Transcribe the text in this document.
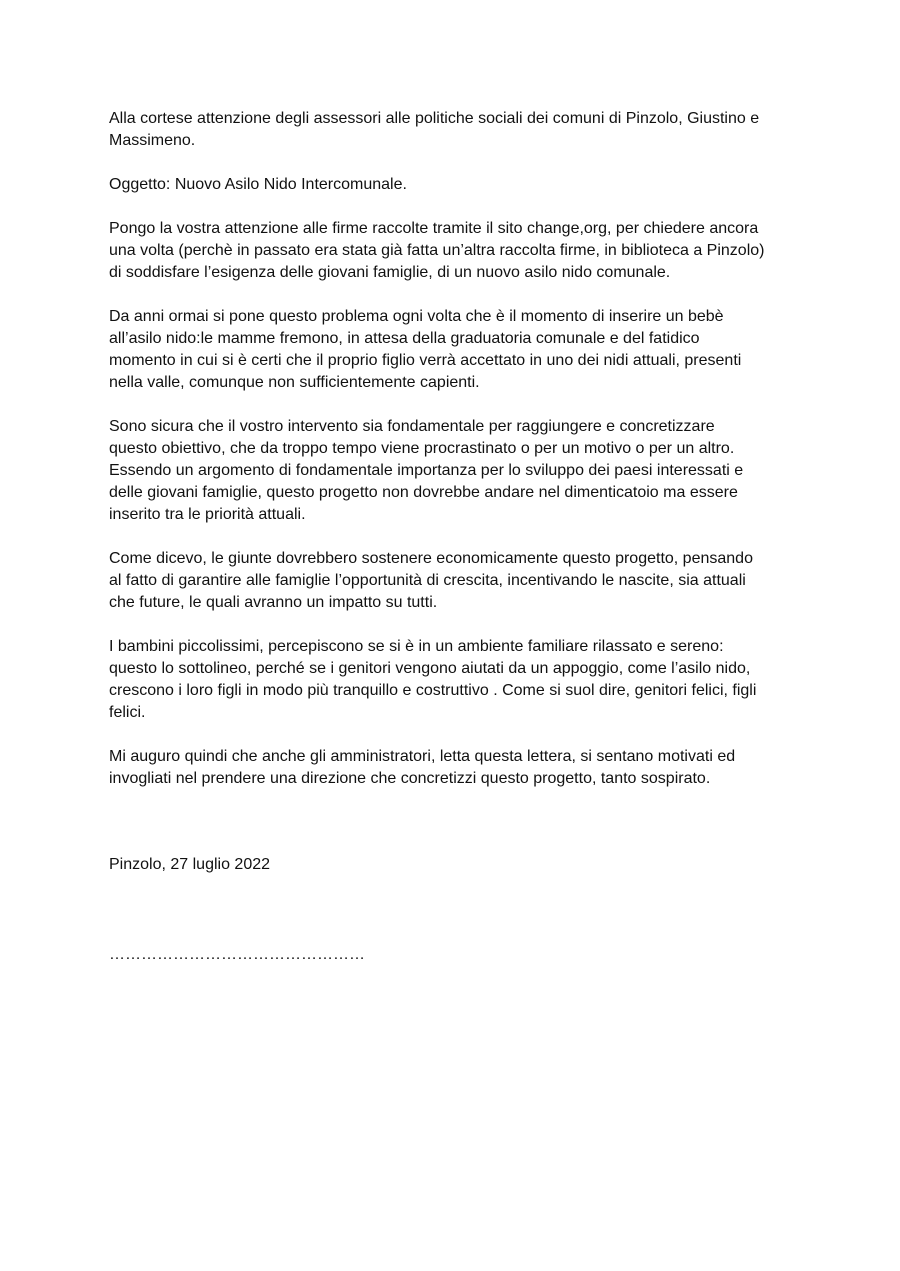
Alla cortese attenzione degli assessori alle politiche sociali dei comuni di Pinzolo, Giustino e
Massimeno.

Oggetto: Nuovo Asilo Nido Intercomunale.

Pongo la vostra attenzione alle firme raccolte tramite il sito change,org, per chiedere ancora
una volta (perchè in passato era stata già fatta un’altra raccolta firme, in biblioteca a Pinzolo)
di soddisfare l’esigenza delle giovani famiglie, di un nuovo asilo nido comunale.

Da anni ormai si pone questo problema ogni volta che è il momento di inserire un bebè
all’asilo nido:le mamme fremono, in attesa della graduatoria comunale e del fatidico
momento in cui si è certi che il proprio figlio verrà accettato in uno dei nidi attuali, presenti
nella valle, comunque non sufficientemente capienti.

Sono sicura che il vostro intervento sia fondamentale per raggiungere e concretizzare
questo obiettivo, che da troppo tempo viene procrastinato o per un motivo o per un altro.
Essendo un argomento di fondamentale importanza per lo sviluppo dei paesi interessati e
delle giovani famiglie, questo progetto non dovrebbe andare nel dimenticatoio ma essere
inserito tra le priorità attuali.

Come dicevo, le giunte dovrebbero sostenere economicamente questo progetto, pensando
al fatto di garantire alle famiglie l’opportunità di crescita, incentivando le nascite, sia attuali
che future, le quali avranno un impatto su tutti.

I bambini piccolissimi, percepiscono se si è in un ambiente familiare rilassato e sereno:
questo lo sottolineo, perché se i genitori vengono aiutati da un appoggio, come l’asilo nido,
crescono i loro figli in modo più tranquillo e costruttivo . Come si suol dire, genitori felici, figli
felici.

Mi auguro quindi che anche gli amministratori, letta questa lettera, si sentano motivati ed
invogliati nel prendere una direzione che concretizzi questo progetto, tanto sospirato.

Pinzolo, 27 luglio 2022

…………………………………………
